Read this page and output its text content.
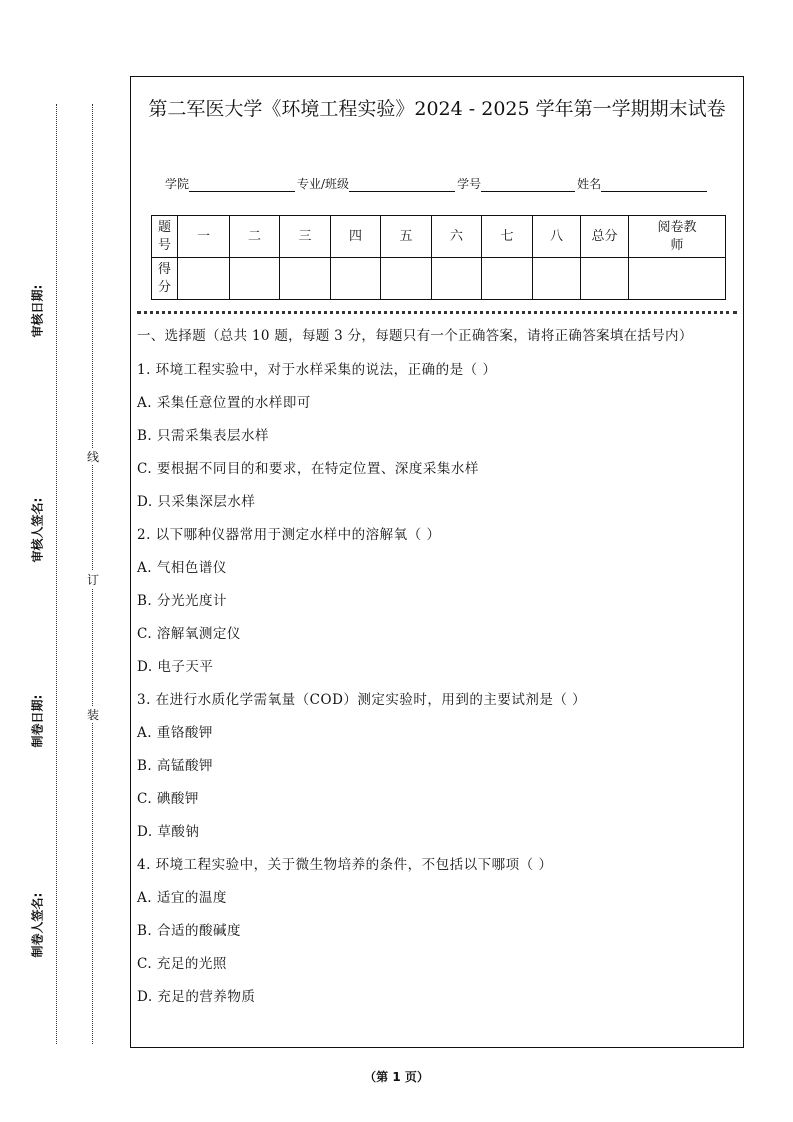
审核日期:
审核人签名:
制卷日期:
制卷人签名:
线
订
装
第二军医大学《环境工程实验》2024 - 2025 学年第一学期期末试卷
学院	专业/班级	学号	姓名
题号	一	二	三	四	五	六	七	八	总分	阅卷教师
得分										
一、选择题（总共 10 题，每题 3 分，每题只有一个正确答案，请将正确答案填在括号内）
1. 环境工程实验中，对于水样采集的说法，正确的是（ ）
A. 采集任意位置的水样即可
B. 只需采集表层水样
C. 要根据不同目的和要求，在特定位置、深度采集水样
D. 只采集深层水样
2. 以下哪种仪器常用于测定水样中的溶解氧（ ）
A. 气相色谱仪
B. 分光光度计
C. 溶解氧测定仪
D. 电子天平
3. 在进行水质化学需氧量（COD）测定实验时，用到的主要试剂是（ ）
A. 重铬酸钾
B. 高锰酸钾
C. 碘酸钾
D. 草酸钠
4. 环境工程实验中，关于微生物培养的条件，不包括以下哪项（ ）
A. 适宜的温度
B. 合适的酸碱度
C. 充足的光照
D. 充足的营养物质
（第 1 页）
